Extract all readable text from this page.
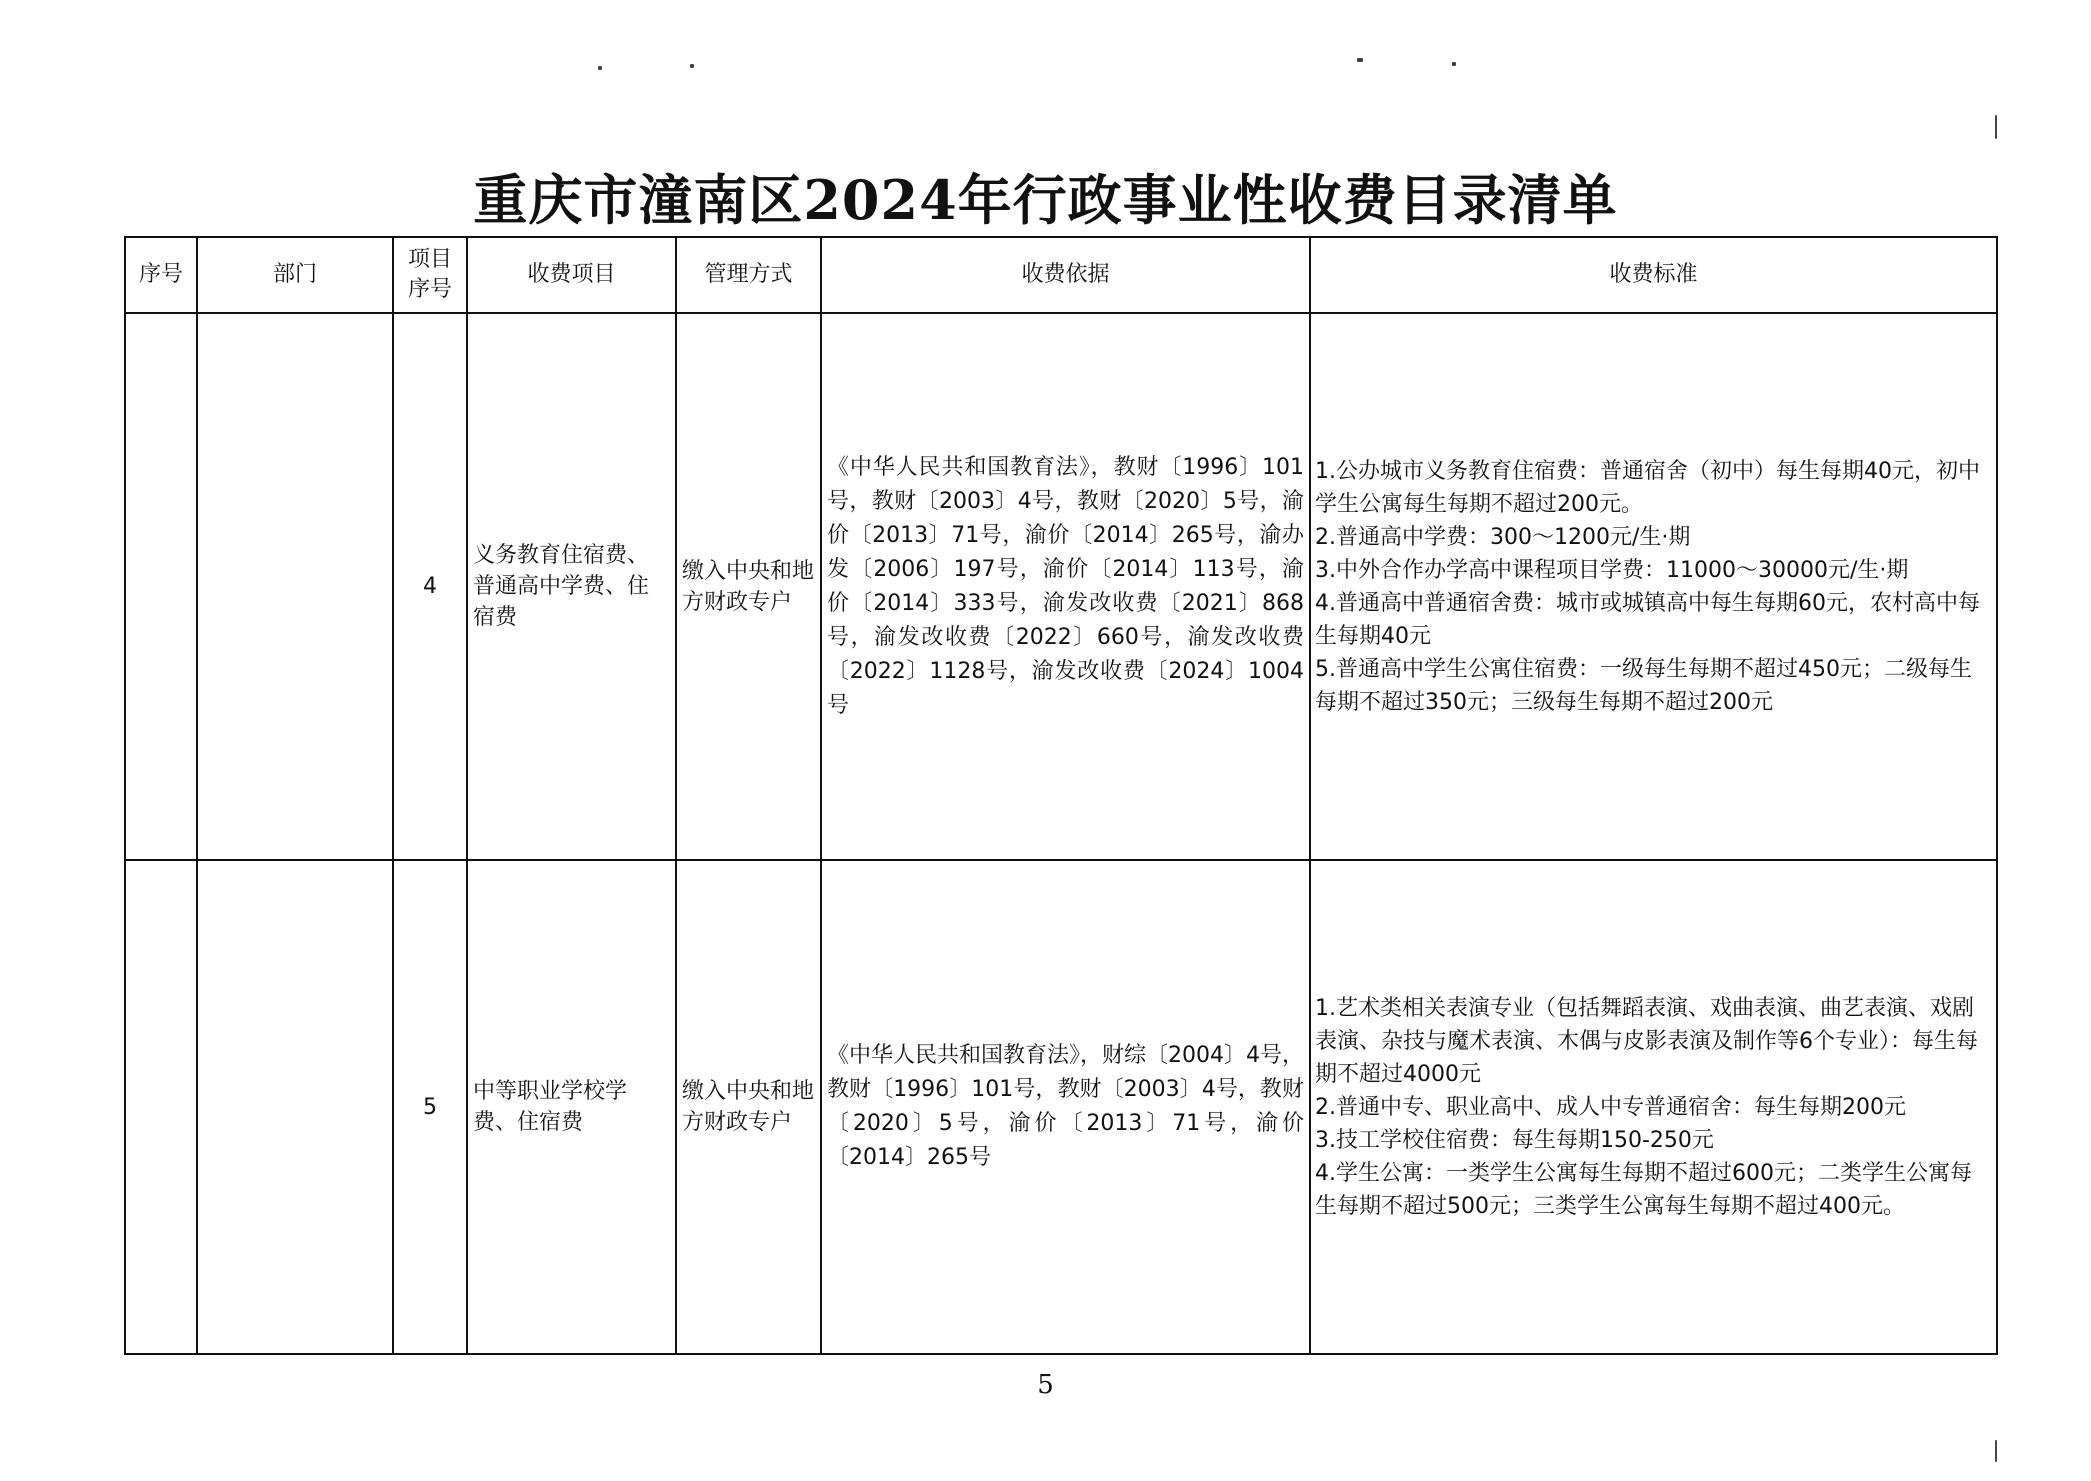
重庆市潼南区2024年行政事业性收费目录清单
序号	部门	项目序号	收费项目	管理方式	收费依据	收费标准
		4	义务教育住宿费、普通高中学费、住宿费	缴入中央和地方财政专户	《中华人民共和国教育法》，教财〔1996〕101号，教财〔2003〕4号，教财〔2020〕5号，渝价〔2013〕71号，渝价〔2014〕265号，渝办发〔2006〕197号，渝价〔2014〕113号，渝价〔2014〕333号，渝发改收费〔2021〕868号，渝发改收费〔2022〕660号，渝发改收费〔2022〕1128号，渝发改收费〔2024〕1004号	1.公办城市义务教育住宿费：普通宿舍（初中）每生每期40元，初中学生公寓每生每期不超过200元。
2.普通高中学费：300～1200元/生·期
3.中外合作办学高中课程项目学费：11000～30000元/生·期
4.普通高中普通宿舍费：城市或城镇高中每生每期60元，农村高中每生每期40元
5.普通高中学生公寓住宿费：一级每生每期不超过450元；二级每生每期不超过350元；三级每生每期不超过200元

		5	中等职业学校学费、住宿费	缴入中央和地方财政专户	《中华人民共和国教育法》，财综〔2004〕4号，教财〔1996〕101号，教财〔2003〕4号，教财〔2020〕5号，渝价〔2013〕71号，渝价〔2014〕265号	1.艺术类相关表演专业（包括舞蹈表演、戏曲表演、曲艺表演、戏剧表演、杂技与魔术表演、木偶与皮影表演及制作等6个专业）：每生每期不超过4000元
2.普通中专、职业高中、成人中专普通宿舍：每生每期200元
3.技工学校住宿费：每生每期150-250元
4.学生公寓：一类学生公寓每生每期不超过600元；二类学生公寓每生每期不超过500元；三类学生公寓每生每期不超过400元。
5
